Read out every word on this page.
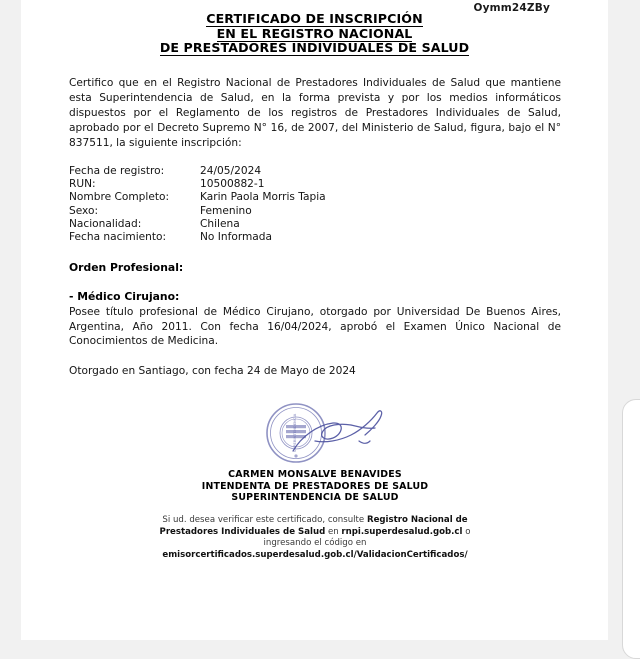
Oymm24ZBy
CERTIFICADO DE INSCRIPCIÓN
EN EL REGISTRO NACIONAL
DE PRESTADORES INDIVIDUALES DE SALUD

Certifico que en el Registro Nacional de Prestadores Individuales de Salud que mantiene esta Superintendencia de Salud, en la forma prevista y por los medios informáticos dispuestos por el Reglamento de los registros de Prestadores Individuales de Salud, aprobado por el Decreto Supremo N° 16, de 2007, del Ministerio de Salud, figura, bajo el N° 837511, la siguiente inscripción:

Fecha de registro:	24/05/2024
RUN:	10500882-1
Nombre Completo:	Karin Paola Morris Tapia
Sexo:	Femenino
Nacionalidad:	Chilena
Fecha nacimiento:	No Informada
Orden Profesional:
- Médico Cirujano:

Posee título profesional de Médico Cirujano, otorgado por Universidad De Buenos Aires, Argentina, Año 2011. Con fecha 16/04/2024, aprobó el Examen Único Nacional de Conocimientos de Medicina.

Otorgado en Santiago, con fecha 24 de Mayo de 2024

SUPERINTENDENCIA
CARMEN MONSALVE BENAVIDES
INTENDENTA DE PRESTADORES DE SALUD
SUPERINTENDENCIA DE SALUD
Si ud. desea verificar este certificado, consulte Registro Nacional de Prestadores Individuales de Salud en rnpi.superdesalud.gob.cl o ingresando el código en
emisorcertificados.superdesalud.gob.cl/ValidacionCertificados/
